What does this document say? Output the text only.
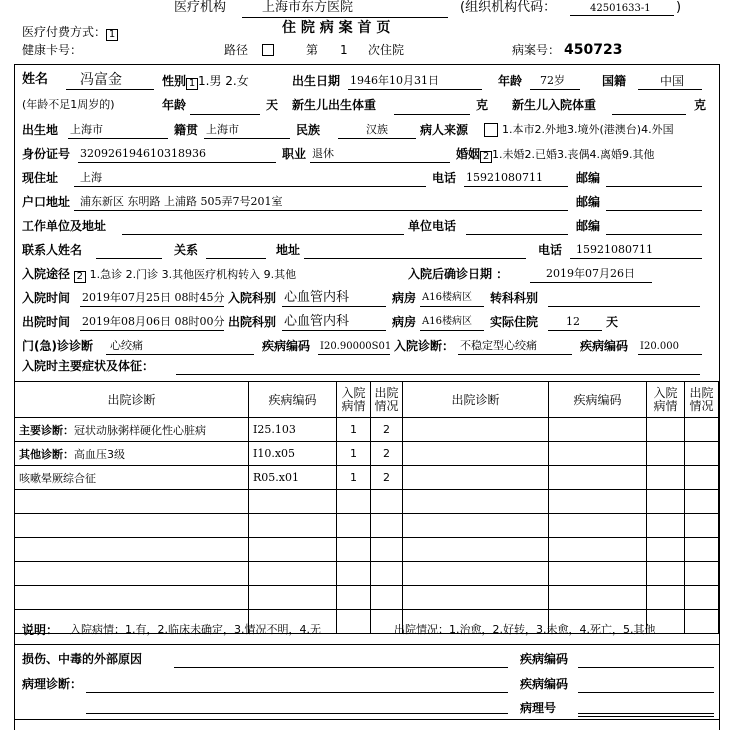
医疗机构	上海市东方医院	(组织机构代码：	42501633-1 )
医疗付费方式： 1	住 院 病 案 首 页
健康卡号：	路径	第 1 次住院	病案号： 450723
姓名 冯富金	性别 1 1.男 2.女	出生日期 1946年10月31日	年龄 72岁	国籍	中国
(年龄不足1周岁的)	年龄	天 新生儿出生体重	克 新生儿入院体重	克
出生地 上海市	籍贯 上海市	民族	汉族	病人来源	1.本市2.外地3.境外(港澳台)4.外国
身份证号 320926194610318936	职业 退休	婚姻 2 1.未婚2.已婚3.丧偶4.离婚9.其他
现住址 上海	电话 15921080711	邮编
户口地址 浦东新区 东明路 上浦路 505弄7号201室	邮编
工作单位及地址	单位电话	邮编
联系人姓名	关系	地址	电话 15921080711
入院途径 2 1.急诊 2.门诊 3.其他医疗机构转入 9.其他	入院后确诊日期 ：	2019年07月26日
入院时间 2019年07月25日 08时45分 入院科别 心血管内科	病房 A16楼病区 转科科别
出院时间 2019年08月06日 08时00分 出院科别 心血管内科	病房 A16楼病区 实际住院	12 天
门(急)诊诊断 心绞痛	疾病编码 I20.90000S01 入院诊断： 不稳定型心绞痛	疾病编码 I20.000
入院时主要症状及体征：
出院诊断	疾病编码	入院病情	出院情况	出院诊断	疾病编码	入院病情	出院情况
主要诊断：冠状动脉粥样硬化性心脏病	I25.103	1	2				
其他诊断：高血压3级	I10.x05	1	2				
咳嗽晕厥综合征	R05.x01	1	2				

说明： 入院病情：1.有，2.临床未确定，3.情况不明，4.无	出院情况：1.治愈，2.好转，3.未愈，4.死亡，5.其他
损伤、中毒的外部原因	疾病编码
病理诊断：	疾病编码
病理号
